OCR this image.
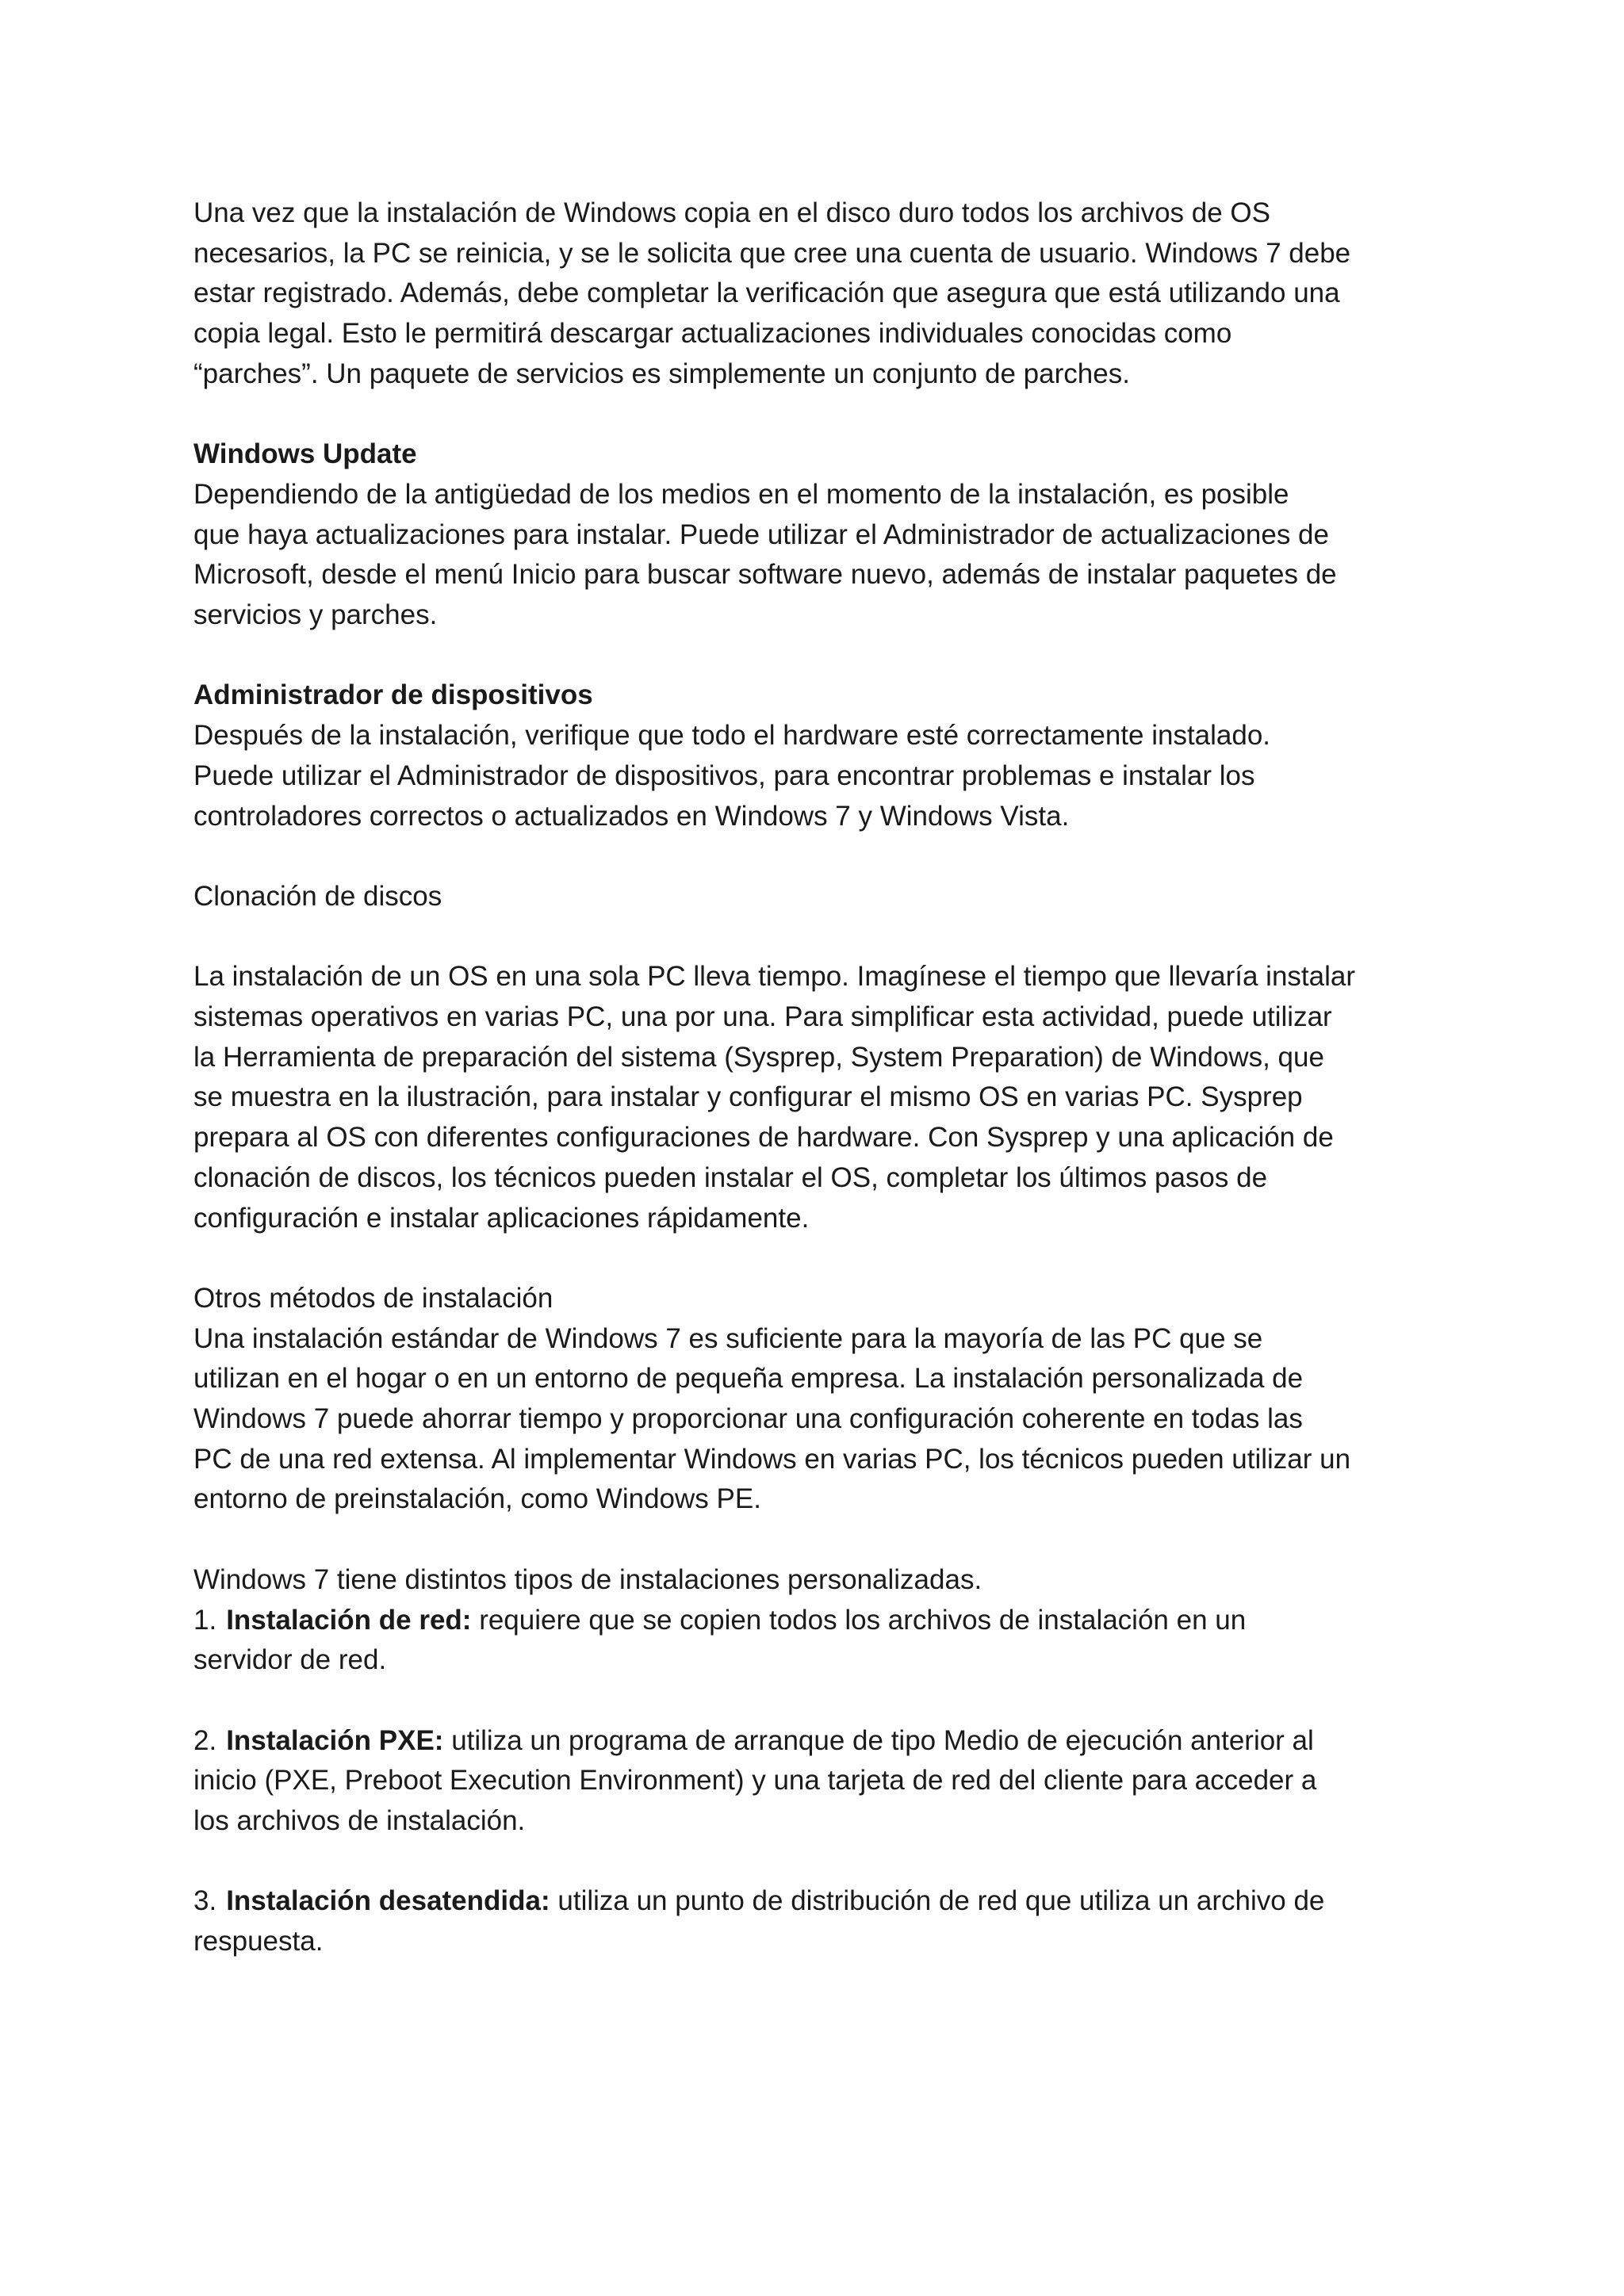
Una vez que la instalación de Windows copia en el disco duro todos los archivos de OS

necesarios, la PC se reinicia, y se le solicita que cree una cuenta de usuario. Windows 7 debe

estar registrado. Además, debe completar la verificación que asegura que está utilizando una

copia legal. Esto le permitirá descargar actualizaciones individuales conocidas como

“parches”. Un paquete de servicios es simplemente un conjunto de parches.

Windows Update

Dependiendo de la antigüedad de los medios en el momento de la instalación, es posible

que haya actualizaciones para instalar. Puede utilizar el Administrador de actualizaciones de

Microsoft, desde el menú Inicio para buscar software nuevo, además de instalar paquetes de

servicios y parches.

Administrador de dispositivos

Después de la instalación, verifique que todo el hardware esté correctamente instalado.

Puede utilizar el Administrador de dispositivos, para encontrar problemas e instalar los

controladores correctos o actualizados en Windows 7 y Windows Vista.

Clonación de discos

La instalación de un OS en una sola PC lleva tiempo. Imagínese el tiempo que llevaría instalar

sistemas operativos en varias PC, una por una. Para simplificar esta actividad, puede utilizar

la Herramienta de preparación del sistema (Sysprep, System Preparation) de Windows, que

se muestra en la ilustración, para instalar y configurar el mismo OS en varias PC. Sysprep

prepara al OS con diferentes configuraciones de hardware. Con Sysprep y una aplicación de

clonación de discos, los técnicos pueden instalar el OS, completar los últimos pasos de

configuración e instalar aplicaciones rápidamente.

Otros métodos de instalación

Una instalación estándar de Windows 7 es suficiente para la mayoría de las PC que se

utilizan en el hogar o en un entorno de pequeña empresa. La instalación personalizada de

Windows 7 puede ahorrar tiempo y proporcionar una configuración coherente en todas las

PC de una red extensa. Al implementar Windows en varias PC, los técnicos pueden utilizar un

entorno de preinstalación, como Windows PE.

Windows 7 tiene distintos tipos de instalaciones personalizadas.

1. Instalación de red: requiere que se copien todos los archivos de instalación en un

servidor de red.

2. Instalación PXE: utiliza un programa de arranque de tipo Medio de ejecución anterior al

inicio (PXE, Preboot Execution Environment) y una tarjeta de red del cliente para acceder a

los archivos de instalación.

3. Instalación desatendida: utiliza un punto de distribución de red que utiliza un archivo de

respuesta.
